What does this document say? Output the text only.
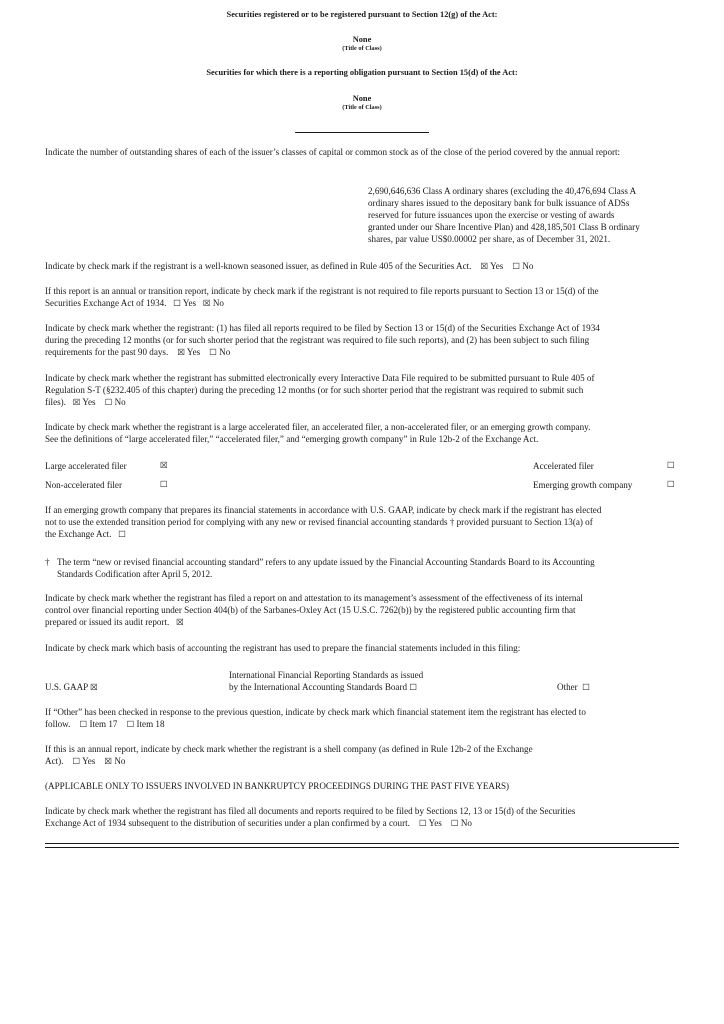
Securities registered or to be registered pursuant to Section 12(g) of the Act:
None
(Title of Class)
Securities for which there is a reporting obligation pursuant to Section 15(d) of the Act:
None
(Title of Class)
Indicate the number of outstanding shares of each of the issuer’s classes of capital or common stock as of the close of the period covered by the annual report:
2,690,646,636 Class A ordinary shares (excluding the 40,476,694 Class A
ordinary shares issued to the depositary bank for bulk issuance of ADSs
reserved for future issuances upon the exercise or vesting of awards
granted under our Share Incentive Plan) and 428,185,501 Class B ordinary
shares, par value US$0.00002 per share, as of December 31, 2021.
Indicate by check mark if the registrant is a well-known seasoned issuer, as defined in Rule 405 of the Securities Act. ☒ Yes ☐ No
If this report is an annual or transition report, indicate by check mark if the registrant is not required to file reports pursuant to Section 13 or 15(d) of the
Securities Exchange Act of 1934. ☐ Yes ☒ No
Indicate by check mark whether the registrant: (1) has filed all reports required to be filed by Section 13 or 15(d) of the Securities Exchange Act of 1934
during the preceding 12 months (or for such shorter period that the registrant was required to file such reports), and (2) has been subject to such filing
requirements for the past 90 days. ☒ Yes ☐ No
Indicate by check mark whether the registrant has submitted electronically every Interactive Data File required to be submitted pursuant to Rule 405 of
Regulation S-T (§232.405 of this chapter) during the preceding 12 months (or for such shorter period that the registrant was required to submit such
files). ☒ Yes ☐ No
Indicate by check mark whether the registrant is a large accelerated filer, an accelerated filer, a non-accelerated filer, or an emerging growth company.
See the definitions of “large accelerated filer,” “accelerated filer,” and “emerging growth company” in Rule 12b-2 of the Exchange Act.
Large accelerated filer	☒	Accelerated filer	☐
Non-accelerated filer	☐	Emerging growth company	☐
If an emerging growth company that prepares its financial statements in accordance with U.S. GAAP, indicate by check mark if the registrant has elected
not to use the extended transition period for complying with any new or revised financial accounting standards † provided pursuant to Section 13(a) of
the Exchange Act. ☐
† The term “new or revised financial accounting standard” refers to any update issued by the Financial Accounting Standards Board to its Accounting
Standards Codification after April 5, 2012.
Indicate by check mark whether the registrant has filed a report on and attestation to its management’s assessment of the effectiveness of its internal
control over financial reporting under Section 404(b) of the Sarbanes-Oxley Act (15 U.S.C. 7262(b)) by the registered public accounting firm that
prepared or issued its audit report. ☒
Indicate by check mark which basis of accounting the registrant has used to prepare the financial statements included in this filing:
U.S. GAAP ☒
International Financial Reporting Standards as issued
by the International Accounting Standards Board ☐	Other ☐
If “Other” has been checked in response to the previous question, indicate by check mark which financial statement item the registrant has elected to
follow. ☐ Item 17 ☐ Item 18
If this is an annual report, indicate by check mark whether the registrant is a shell company (as defined in Rule 12b-2 of the Exchange
Act). ☐ Yes ☒ No
(APPLICABLE ONLY TO ISSUERS INVOLVED IN BANKRUPTCY PROCEEDINGS DURING THE PAST FIVE YEARS)
Indicate by check mark whether the registrant has filed all documents and reports required to be filed by Sections 12, 13 or 15(d) of the Securities
Exchange Act of 1934 subsequent to the distribution of securities under a plan confirmed by a court. ☐ Yes ☐ No
